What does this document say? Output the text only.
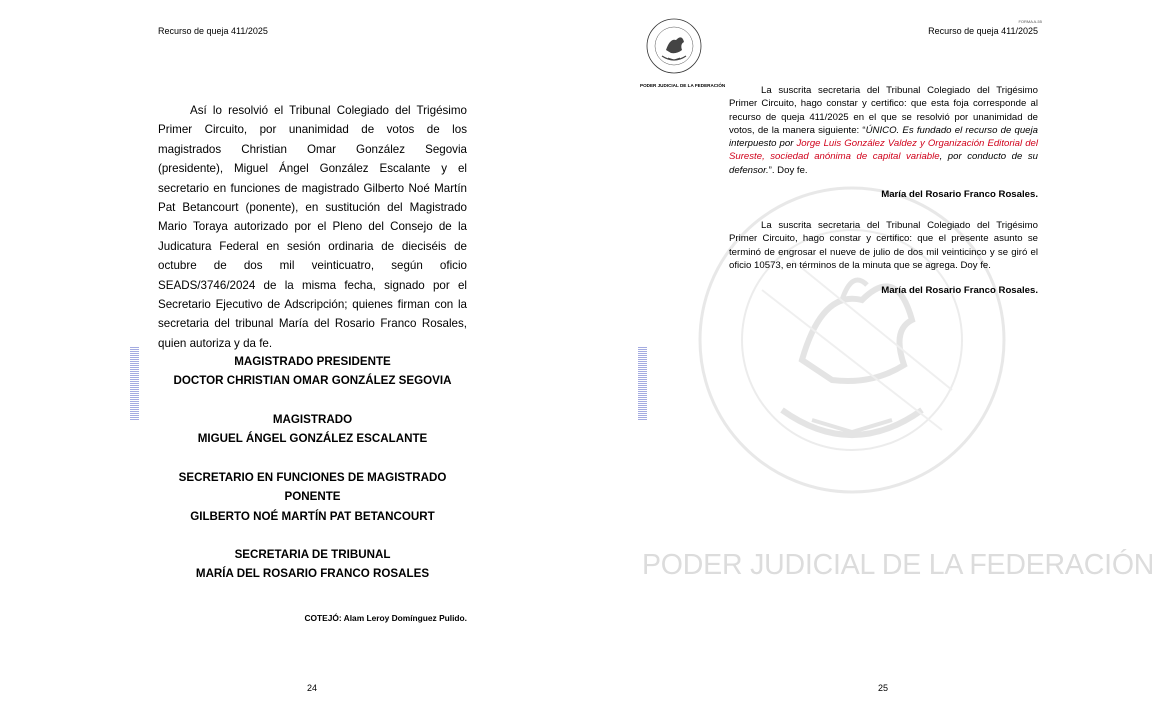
Recurso de queja 411/2025

Así lo resolvió el Tribunal Colegiado del Trigésimo Primer Circuito, por unanimidad de votos de los magistrados Christian Omar González Segovia (presidente), Miguel Ángel González Escalante y el secretario en funciones de magistrado Gilberto Noé Martín Pat Betancourt (ponente), en sustitución del Magistrado Mario Toraya autorizado por el Pleno del Consejo de la Judicatura Federal en sesión ordinaria de dieciséis de octubre de dos mil veinticuatro, según oficio SEADS/3746/2024 de la misma fecha, signado por el Secretario Ejecutivo de Adscripción; quienes firman con la secretaria del tribunal María del Rosario Franco Rosales, quien autoriza y da fe.

MAGISTRADO PRESIDENTE
DOCTOR CHRISTIAN OMAR GONZÁLEZ SEGOVIA
MAGISTRADO
MIGUEL ÁNGEL GONZÁLEZ ESCALANTE
SECRETARIO EN FUNCIONES DE MAGISTRADO
PONENTE
GILBERTO NOÉ MARTÍN PAT BETANCOURT
SECRETARIA DE TRIBUNAL
MARÍA DEL ROSARIO FRANCO ROSALES
COTEJÓ: Alam Leroy Domínguez Pulido.
24
FORMA A-55
Recurso de queja 411/2025
PODER JUDICIAL DE LA FEDERACIÓN
PODER JUDICIAL DE LA FEDERACIÓN

La suscrita secretaria del Tribunal Colegiado del Trigésimo Primer Circuito, hago constar y certifico: que esta foja corresponde al recurso de queja 411/2025 en el que se resolvió por unanimidad de votos, de la manera siguiente: “ÚNICO. Es fundado el recurso de queja interpuesto por Jorge Luis González Valdez y Organización Editorial del Sureste, sociedad anónima de capital variable, por conducto de su defensor.”. Doy fe.

María del Rosario Franco Rosales.

La suscrita secretaria del Tribunal Colegiado del Trigésimo Primer Circuito, hago constar y certifico: que el presente asunto se terminó de engrosar el nueve de julio de dos mil veinticinco y se giró el oficio 10573, en términos de la minuta que se agrega. Doy fe.

María del Rosario Franco Rosales.
25
